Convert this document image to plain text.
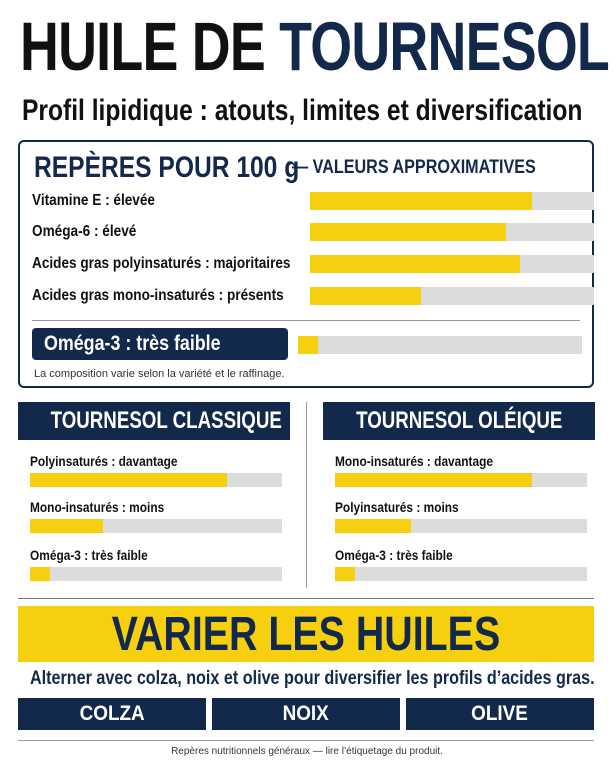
HUILE DE TOURNESOL
Profil lipidique : atouts, limites et diversification
REPÈRES POUR 100 g
— VALEURS APPROXIMATIVES
Vitamine E : élevée
Oméga-6 : élevé
Acides gras polyinsaturés : majoritaires
Acides gras mono-insaturés : présents
Oméga-3 : très faible
La composition varie selon la variété et le raffinage.
TOURNESOL CLASSIQUE
Polyinsaturés : davantage
Mono-insaturés : moins
Oméga-3 : très faible
TOURNESOL OLÉIQUE
Mono-insaturés : davantage
Polyinsaturés : moins
Oméga-3 : très faible
VARIER LES HUILES
Alterner avec colza, noix et olive pour diversifier les profils d’acides gras.
COLZA	NOIX	OLIVE
Repères nutritionnels généraux — lire l’étiquetage du produit.
